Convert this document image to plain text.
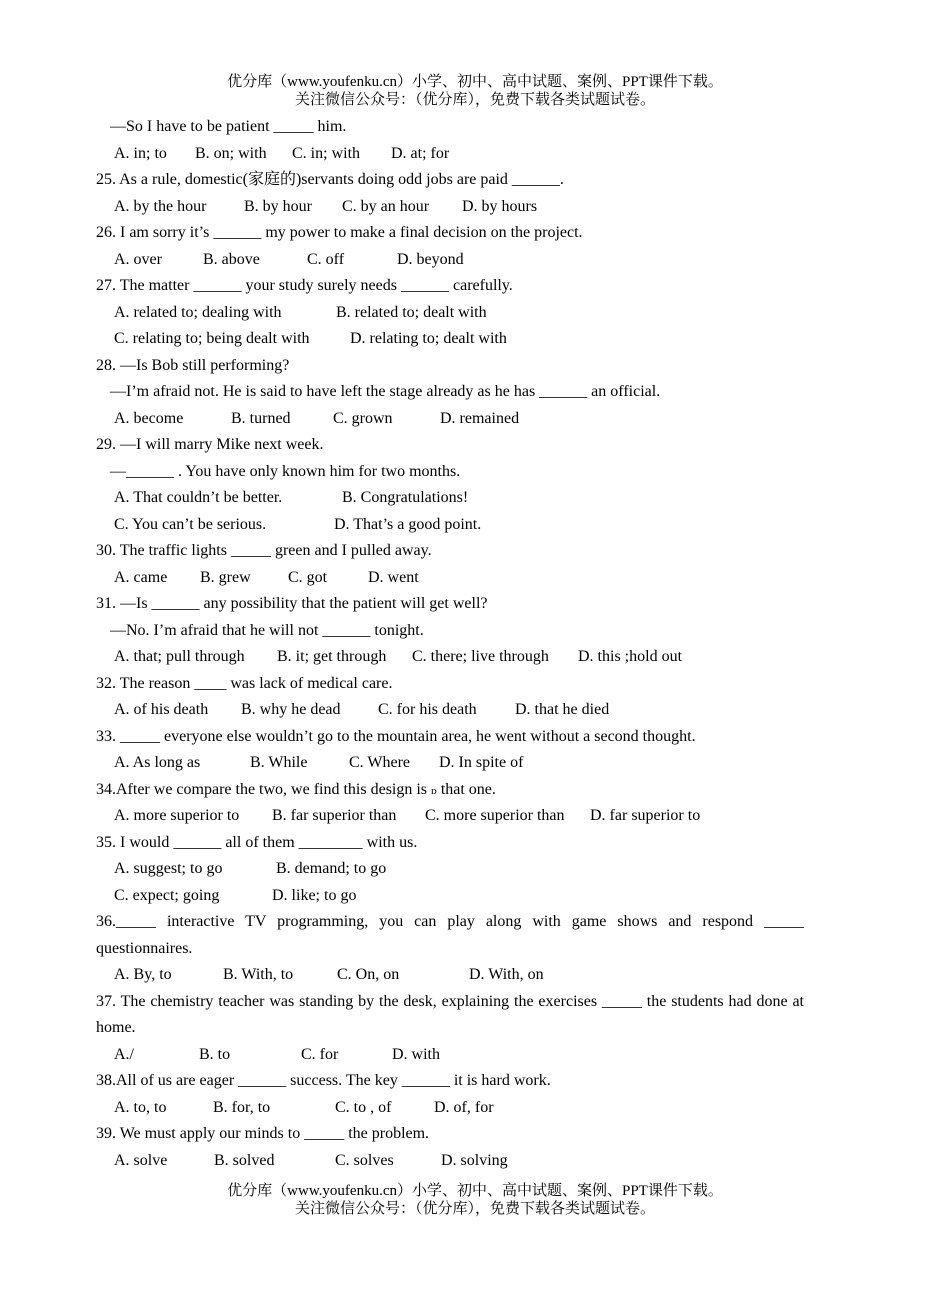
优分库（www.youfenku.cn）小学、初中、高中试题、案例、PPT课件下载。
关注微信公众号：（优分库），免费下载各类试题试卷。
—So I have to be patient _____ him.
A. in; to B. on; with C. in; with D. at; for
25. As a rule, domestic(家庭的)servants doing odd jobs are paid ______.
A. by the hour B. by hour C. by an hour D. by hours
26. I am sorry it’s ______ my power to make a final decision on the project.
A. over	B. above	C. off	D. beyond
27. The matter ______ your study surely needs ______ carefully.
A. related to; dealing with	B. related to; dealt with
C. relating to; being dealt with	D. relating to; dealt with
28. —Is Bob still performing?
—I’m afraid not. He is said to have left the stage already as he has ______ an official.
A. become	B. turned	C. grown	D. remained
29. —I will marry Mike next week.
—______ . You have only known him for two months.
A. That couldn’t be better.	B. Congratulations!
C. You can’t be serious.	D. That’s a good point.
30. The traffic lights _____ green and I pulled away.
A. came B. grew C. got	D. went
31. —Is ______ any possibility that the patient will get well?
—No. I’m afraid that he will not ______ tonight.
A. that; pull through B. it; get through C. there; live through D. this ;hold out
32. The reason ____ was lack of medical care.
A. of his death B. why he dead C. for his death D. that he died
33. _____ everyone else wouldn’t go to the mountain area, he went without a second thought.
A. As long as	B. While	C. Where D. In spite of
34.After we compare the two, we find this design is ᴅ that one.
A. more superior to B. far superior than C. more superior than D. far superior to
35. I would ______ all of them ________ with us.
A. suggest; to go	B. demand; to go
C. expect; going	D. like; to go
36._____ interactive TV programming, you can play along with game shows and respond _____ questionnaires.
A. By, to	B. With, to	C. On, on	D. With, on
37. The chemistry teacher was standing by the desk, explaining the exercises _____ the students had done at home.
A./	B. to	C. for	D. with
38.All of us are eager ______ success. The key ______ it is hard work.
A. to, to	B. for, to	C. to , of	D. of, for
39. We must apply our minds to _____ the problem.
A. solve	B. solved	C. solves	D. solving
优分库（www.youfenku.cn）小学、初中、高中试题、案例、PPT课件下载。
关注微信公众号：（优分库），免费下载各类试题试卷。
